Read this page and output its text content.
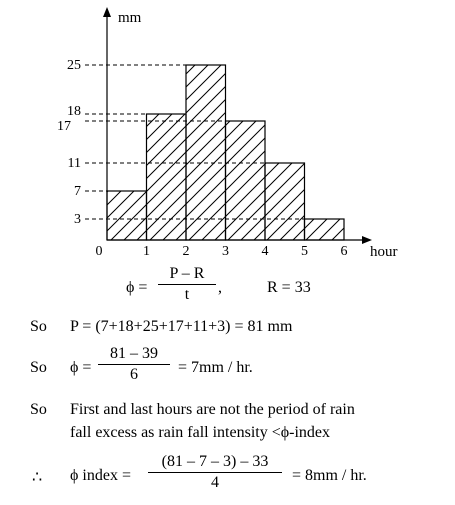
3
7
11
17
18
25
0	1 2 3 4 5 6
mm
hour
$\phi = \frac{P - R}{t}$ ,	R = 33
So P = (7+18+25+17+11+3) = 81 mm
So $\phi = \frac{81 - 39}{6} = 7mm$ / hr.
So First and last hours are not the period of rain
fall excess as rain fall intensity <ϕ-index
∴ ϕ index = $\frac{(81 - 7 - 3) - 33}{4} = 8mm$ / hr.
